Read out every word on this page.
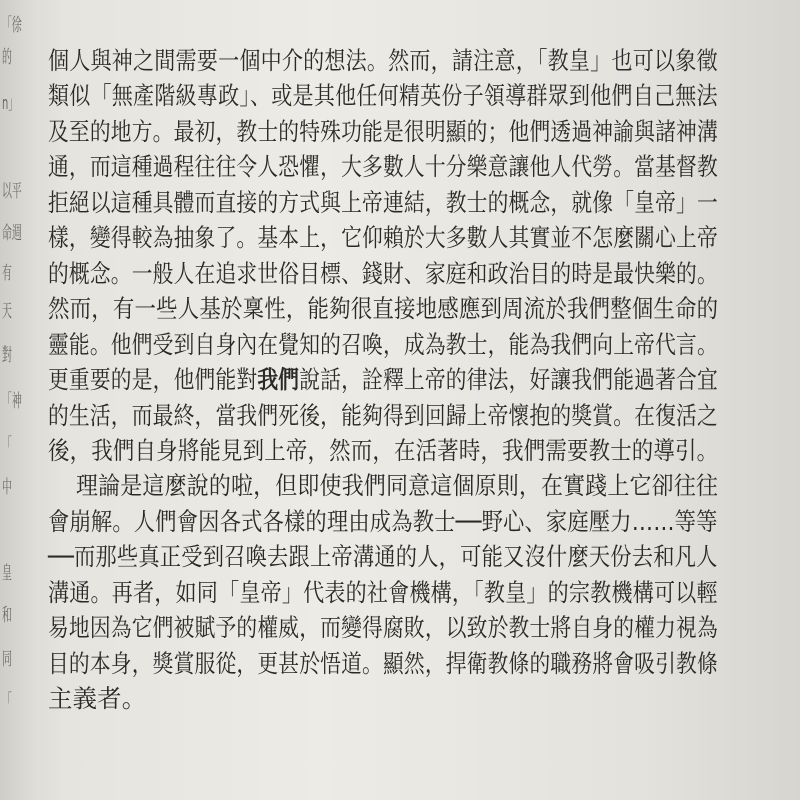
「徐
的
n」
以平
命週
有
天
對
「神
「
中
皇
和
同
「
個人與神之間需要一個中介的想法。然而，請注意，「教皇」也可以象徵
類似「無產階級專政」、或是其他任何精英份子領導群眾到他們自己無法
及至的地方。最初，教士的特殊功能是很明顯的；他們透過神諭與諸神溝
通，而這種過程往往令人恐懼，大多數人十分樂意讓他人代勞。當基督教
拒絕以這種具體而直接的方式與上帝連結，教士的概念，就像「皇帝」一
樣，變得較為抽象了。基本上，它仰賴於大多數人其實並不怎麼關心上帝
的概念。一般人在追求世俗目標、錢財、家庭和政治目的時是最快樂的。
然而，有一些人基於稟性，能夠很直接地感應到周流於我們整個生命的
靈能。他們受到自身內在覺知的召喚，成為教士，能為我們向上帝代言。
更重要的是，他們能對我們說話，詮釋上帝的律法，好讓我們能過著合宜
的生活，而最終，當我們死後，能夠得到回歸上帝懷抱的獎賞。在復活之
後，我們自身將能見到上帝，然而，在活著時，我們需要教士的導引。
理論是這麼說的啦，但即使我們同意這個原則，在實踐上它卻往往
會崩解。人們會因各式各樣的理由成為教士──野心、家庭壓力……等等
──而那些真正受到召喚去跟上帝溝通的人，可能又沒什麼天份去和凡人
溝通。再者，如同「皇帝」代表的社會機構，「教皇」的宗教機構可以輕
易地因為它們被賦予的權威，而變得腐敗，以致於教士將自身的權力視為
目的本身，獎賞服從，更甚於悟道。顯然，捍衛教條的職務將會吸引教條
主義者。
